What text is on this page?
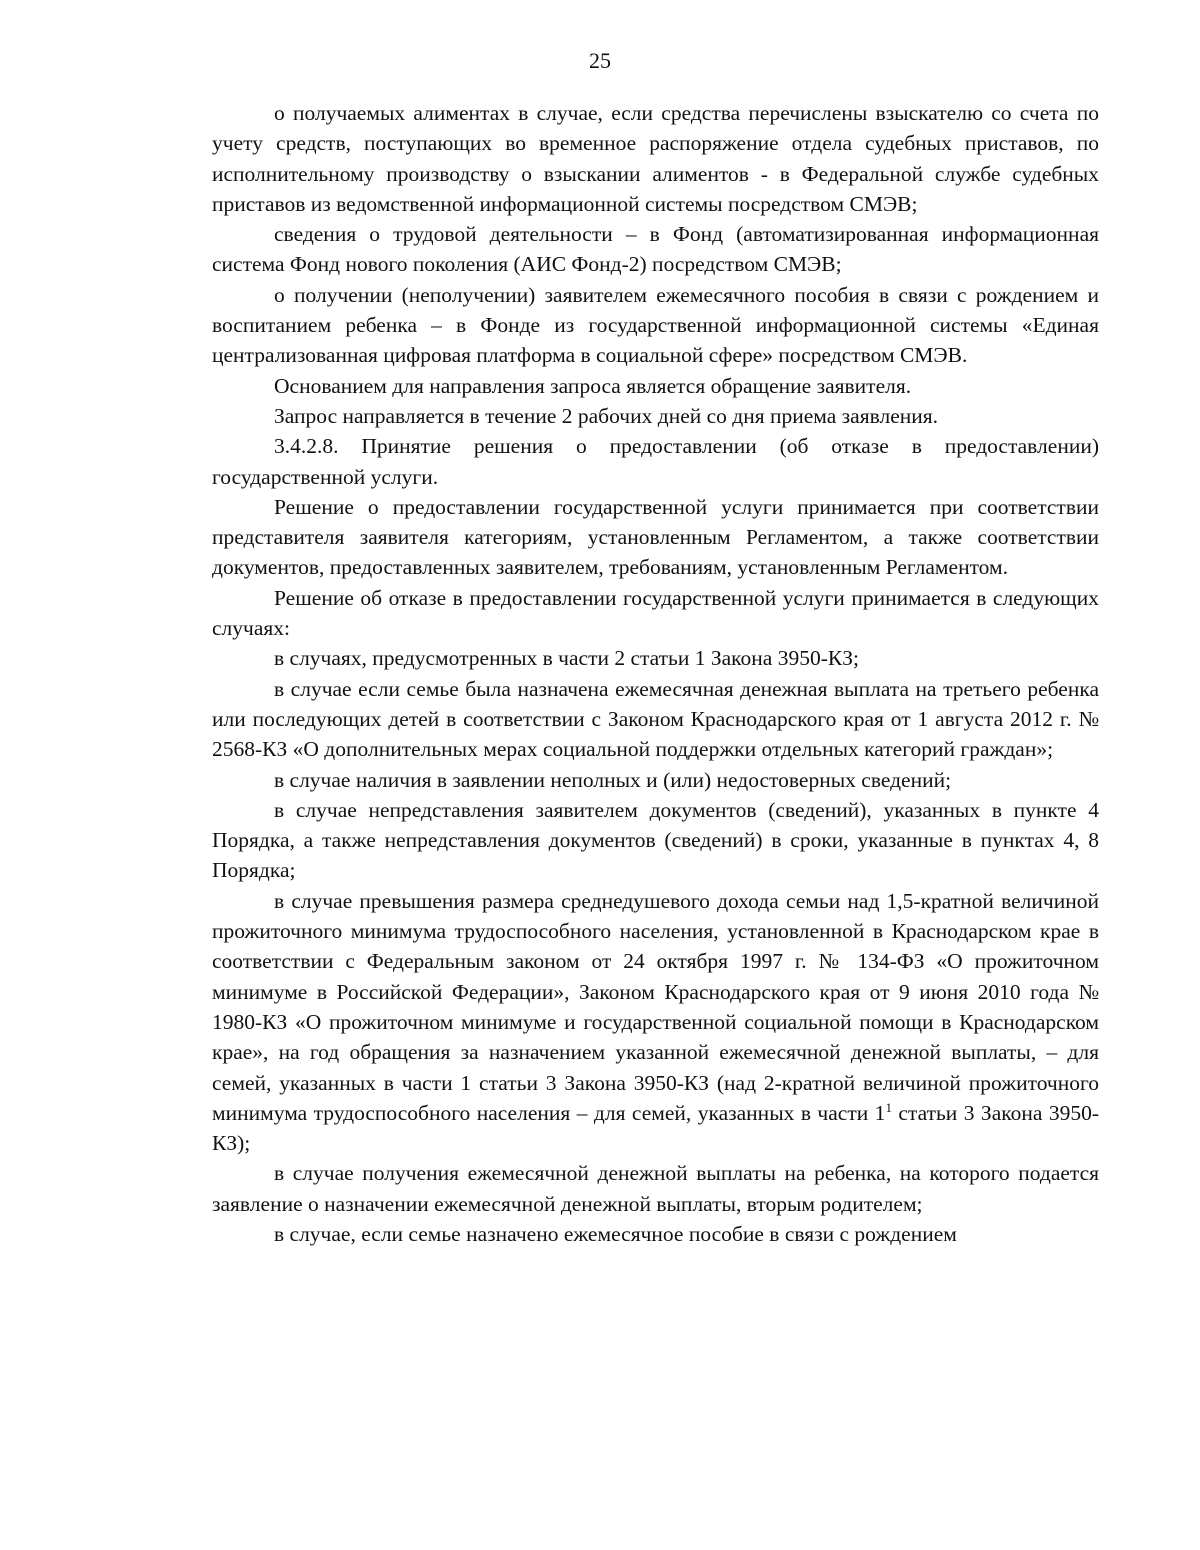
25

о получаемых алиментах в случае, если средства перечислены взыскателю со счета по учету средств, поступающих во временное распоряжение отдела судебных приставов, по исполнительному производству о взыскании алиментов - в Федеральной службе судебных приставов из ведомственной информационной системы посредством СМЭВ;

сведения о трудовой деятельности – в Фонд (автоматизированная информационная система Фонд нового поколения (АИС Фонд-2) посредством СМЭВ;

о получении (неполучении) заявителем ежемесячного пособия в связи с рождением и воспитанием ребенка – в Фонде из государственной информационной системы «Единая централизованная цифровая платформа в социальной сфере» посредством СМЭВ.

Основанием для направления запроса является обращение заявителя.

Запрос направляется в течение 2 рабочих дней со дня приема заявления.

3.4.2.8. Принятие решения о предоставлении (об отказе в предоставлении) государственной услуги.

Решение о предоставлении государственной услуги принимается при соответствии представителя заявителя категориям, установленным Регламентом, а также соответствии документов, предоставленных заявителем, требованиям, установленным Регламентом.

Решение об отказе в предоставлении государственной услуги принимается в следующих случаях:

в случаях, предусмотренных в части 2 статьи 1 Закона 3950-КЗ;

в случае если семье была назначена ежемесячная денежная выплата на третьего ребенка или последующих детей в соответствии с Законом Краснодарского края от 1 августа 2012 г. № 2568-КЗ «О дополнительных мерах социальной поддержки отдельных категорий граждан»;

в случае наличия в заявлении неполных и (или) недостоверных сведений;

в случае непредставления заявителем документов (сведений), указанных в пункте 4 Порядка, а также непредставления документов (сведений) в сроки, указанные в пунктах 4, 8 Порядка;

в случае превышения размера среднедушевого дохода семьи над 1,5-кратной величиной прожиточного минимума трудоспособного населения, установленной в Краснодарском крае в соответствии с Федеральным законом от 24 октября 1997 г. № 134-ФЗ «О прожиточном минимуме в Российской Федерации», Законом Краснодарского края от 9 июня 2010 года № 1980-КЗ «О прожиточном минимуме и государственной социальной помощи в Краснодарском крае», на год обращения за назначением указанной ежемесячной денежной выплаты, – для семей, указанных в части 1 статьи 3 Закона 3950-КЗ (над 2-кратной величиной прожиточного минимума трудоспособного населения – для семей, указанных в части $1^1$ статьи 3 Закона 3950-КЗ);

в случае получения ежемесячной денежной выплаты на ребенка, на которого подается заявление о назначении ежемесячной денежной выплаты, вторым родителем;

в случае, если семье назначено ежемесячное пособие в связи с рождением
